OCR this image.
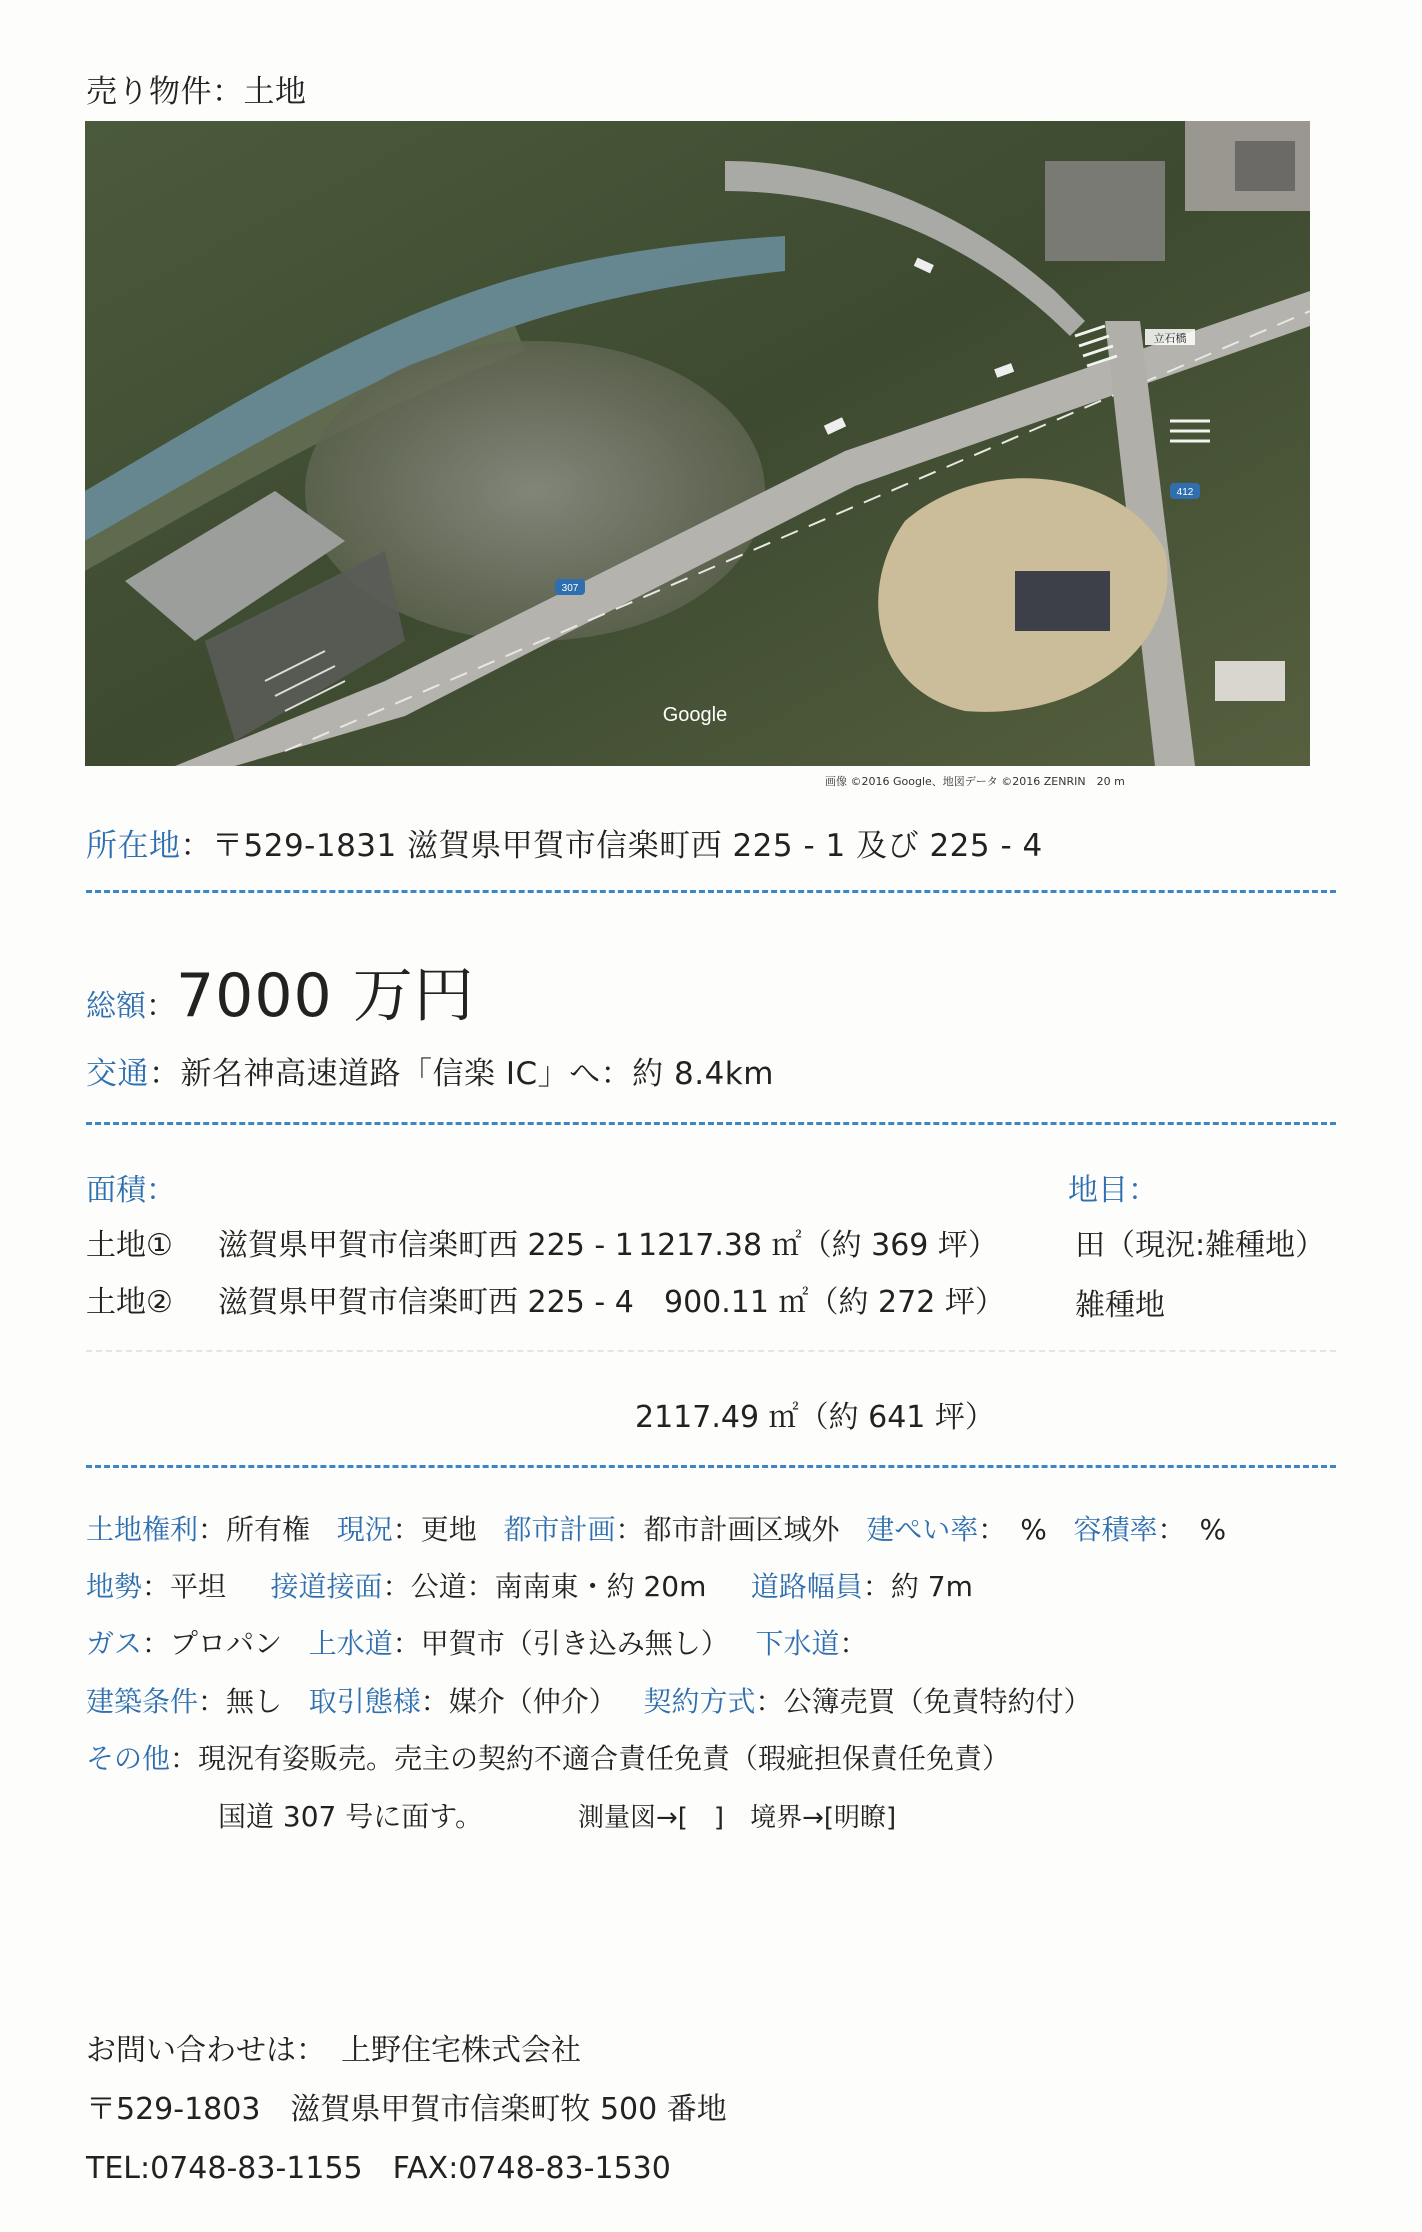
売り物件：土地
307
412
立石橋
Google
画像 ©2016 Google、地図データ ©2016 ZENRIN　20 m
所在地：〒529-1831 滋賀県甲賀市信楽町西 225 - 1 及び 225 - 4
総額 ： 7000 万円
交通：新名神高速道路「信楽 IC」へ：約 8.4km
面積：	地目：
土地① 滋賀県甲賀市信楽町西 225 - 1 1217.38 ㎡（約 369 坪）	田（現況:雑種地）
土地② 滋賀県甲賀市信楽町西 225 - 4 900.11 ㎡（約 272 坪） 雑種地
2117.49 ㎡（約 641 坪）
土地権利：所有権 現況：更地 都市計画：都市計画区域外 建ぺい率：　% 容積率：　%
地勢：平坦 接道接面：公道：南南東・約 20m 道路幅員：約 7m
ガス：プロパン 上水道：甲賀市（引き込み無し） 下水道：
建築条件：無し 取引態様：媒介（仲介） 契約方式：公簿売買（免責特約付）
その他：現況有姿販売。売主の契約不適合責任免責（瑕疵担保責任免責）
国道 307 号に面す。	測量図→[　]　境界→[明瞭]
お問い合わせは：　上野住宅株式会社
〒529-1803　滋賀県甲賀市信楽町牧 500 番地
TEL:0748-83-1155　FAX:0748-83-1530
